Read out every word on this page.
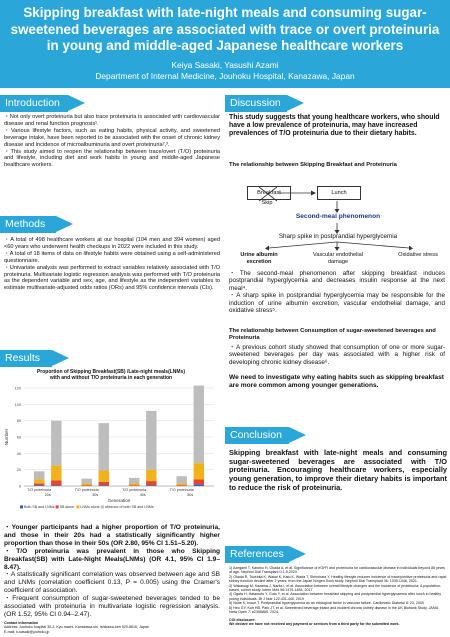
Skipping breakfast with late-night meals and consuming sugar-
sweetened beverages are associated with trace or overt proteinuria
in young and middle-aged Japanese healthcare workers
Keiya Sasaki, Yasushi Azami
Department of Internal Medicine, Jouhoku Hospital, Kanazawa, Japan
Introduction

・ Not only overt proteinuria but also trace proteinuria is associated with cardiovascular disease and renal function prognosis¹.

・ Various lifestyle factors, such as eating habits, physical activity, and sweetened beverage intake, have been reported to be associated with the onset of chronic kidney disease and incidence of microalbuminuria and overt proteinuria²,³.

・ This study aimed to reopen the relationship between trace/overt (T/O) proteinuria and lifestyle, including diet and work habits in young and middle-aged Japanese healthcare workers.

Methods

・ A total of 498 healthcare workers at our hospital (104 men and 394 women) aged <60 years who underwent health checkups in 2022 were included in this study.

・ A total of 18 items of data on lifestyle habits were obtained using a self-administered questionnaire.

・ Univariate analysis was performed to extract variables relatively associated with T/O proteinuria. Multivariate logistic regression analysis was performed with T/O proteinuria as the dependent variable and sex, age, and lifestyle as the independent variables to estimate multivariate-adjusted odds ratios (ORs) and 95% confidence intervals (CIs).

Results
Proportion of Skipping Breakfast(SB) /Late-night meals(LNMs)
with and without T/O proteinuria in each generation
0
20
40
60
80
100
120
Number
T/O proteinuria	T/O proteinuria	T/O proteinuria	T/O proteinuria
20s	30s	40s	50s
Generation
Both SB and LNMs SB alone LNMs alone absence of both SB and LNMs

・ Younger participants had a higher proportion of T/O proteinuria, and those in their 20s had a statistically significantly higher proportion than those in their 50s (OR 2.80, 95% CI 1.51–5.20).

・ T/O proteinuria was prevalent in those who Skipping Breakfast(SB) with Late-Night Meals(LNMs) (OR 4.1, 95% CI 1.9–8.47).

・ A statistically significant correlation was observed between age and SB and LNMs (correlation coefficient 0.13, P = 0.005) using the Cramer's coefficient of association.

・ Frequent consumption of sugar-sweetened beverages tended to be associated with proteinuria in multivariate logistic regression analysis. (OR 1.52, 95% CI 0.94–2.47).

Contact Information
Address: Jouhoku hospital 30-3, Kyo-machi, Kanazawa-shi, Ishikawa-ken 920-8616, Japan
E-mail: k-sasaki@jouhoku.jp
Discussion
This study suggests that young healthcare workers, who should have a low prevalence of proteinuria, may have increased prevalences of T/O proteinuria due to their dietary habits.
The relationship between Skipping Breakfast and Proteinuria
Breakfast	Lunch
Skip
Second-meal phenomenon
Sharp spike in postprandial hyperglycemia
Urine albumin excretion
Vascular endothelial damage
Oxidative stress

・ The second-meal phenomenon after skipping breakfast induces postprandial hyperglycemia and decreases insulin response at the next meal⁴.

・ A sharp spike in postprandial hyperglycemia may be responsible for the induction of urine albumin excretion, vascular endothelial damage, and oxidative stress⁵.

The relationship between Consumption of sugar-sweetened beverages and Proteinuria

・ A previous cohort study showed that consumption of one or more sugar-sweetened beverages per day was associated with a higher risk of developing chronic kidney disease⁶.

We need to investigate why eating habits such as skipping breakfast are more common among younger generations.
Conclusion
Skipping breakfast with late-night meals and consuming sugar-sweetened beverages are associated with T/O proteinuria. Encouraging healthcare workers, especially young generation, to improve their dietary habits is important to reduce the risk of proteinuria.
References
1) Azegami T, Kaneko H, Okada A, et al. Significance of eGFR and proteinuria for cardiovascular disease in individuals beyond 85 years of age. Nephrol Dial Transplant 0:1-9,2024
2) Okada R, Tsushita K, Wakai K, Kato K, Wada T, Shinohara Y. Healthy lifestyle reduces incidence of trace/positive proteinuria and rapid kidney function decline after 2 years: from the Japan Ningen Dock study. Nephrol Dial Transplant 36: 1039-1048, 2021.
3) Wakasugi M, Kazama J, Narita I, et al. Association between overall lifestyle changes and the incidence of proteinuria: A population-based, cohort study. Intern Med 56:1475-1484, 2017.
4) Ogata H, Hatamoto Y, Goto Y, et al. Association between breakfast skipping and postprandial hyperglycaemia after lunch in healthy young individuals. Br J Nutr 122:431-440, 2019
5) Node K, Inoue T. Postprandial hyperglycemia as an etiological factor in vascular failure. Cardiovasc Diabetol 8: 23, 2009
6) Heo GY, Koh HB, Park JT, et al. Sweetened beverage intake and incident chronic kidney disease in the UK Biobank Study. JAMA Netw Open 7: e2356885, 2024.
COI disclosure:
We declare we have not received any payment or services from a third party for the submitted work.
